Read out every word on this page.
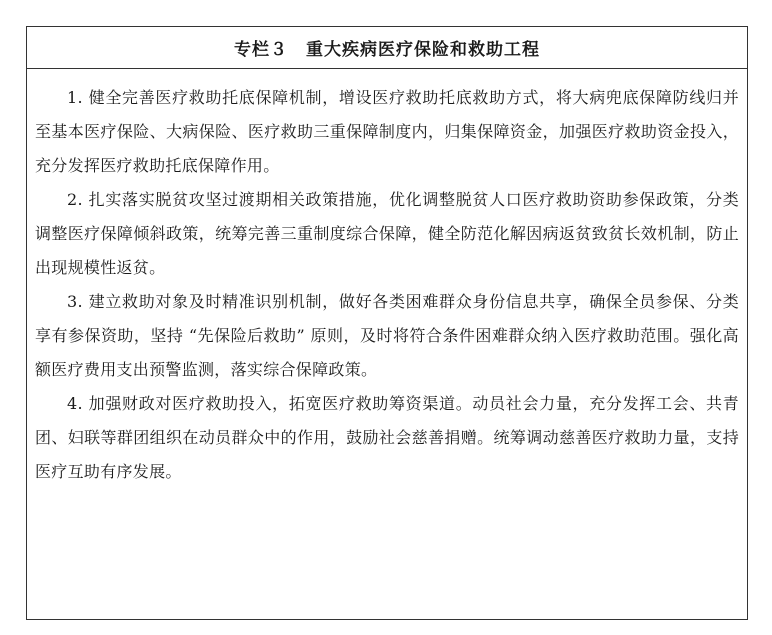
专栏３　重大疾病医疗保险和救助工程

1. 健全完善医疗救助托底保障机制，增设医疗救助托底救助方式，将大病兜底保障防线归并至基本医疗保险、大病保险、医疗救助三重保障制度内，归集保障资金，加强医疗救助资金投入，充分发挥医疗救助托底保障作用。

2. 扎实落实脱贫攻坚过渡期相关政策措施，优化调整脱贫人口医疗救助资助参保政策，分类调整医疗保障倾斜政策，统筹完善三重制度综合保障，健全防范化解因病返贫致贫长效机制，防止出现规模性返贫。

3. 建立救助对象及时精准识别机制，做好各类困难群众身份信息共享，确保全员参保、分类享有参保资助，坚持 “先保险后救助” 原则，及时将符合条件困难群众纳入医疗救助范围。强化高额医疗费用支出预警监测，落实综合保障政策。

4. 加强财政对医疗救助投入，拓宽医疗救助筹资渠道。动员社会力量，充分发挥工会、共青团、妇联等群团组织在动员群众中的作用，鼓励社会慈善捐赠。统筹调动慈善医疗救助力量，支持医疗互助有序发展。
